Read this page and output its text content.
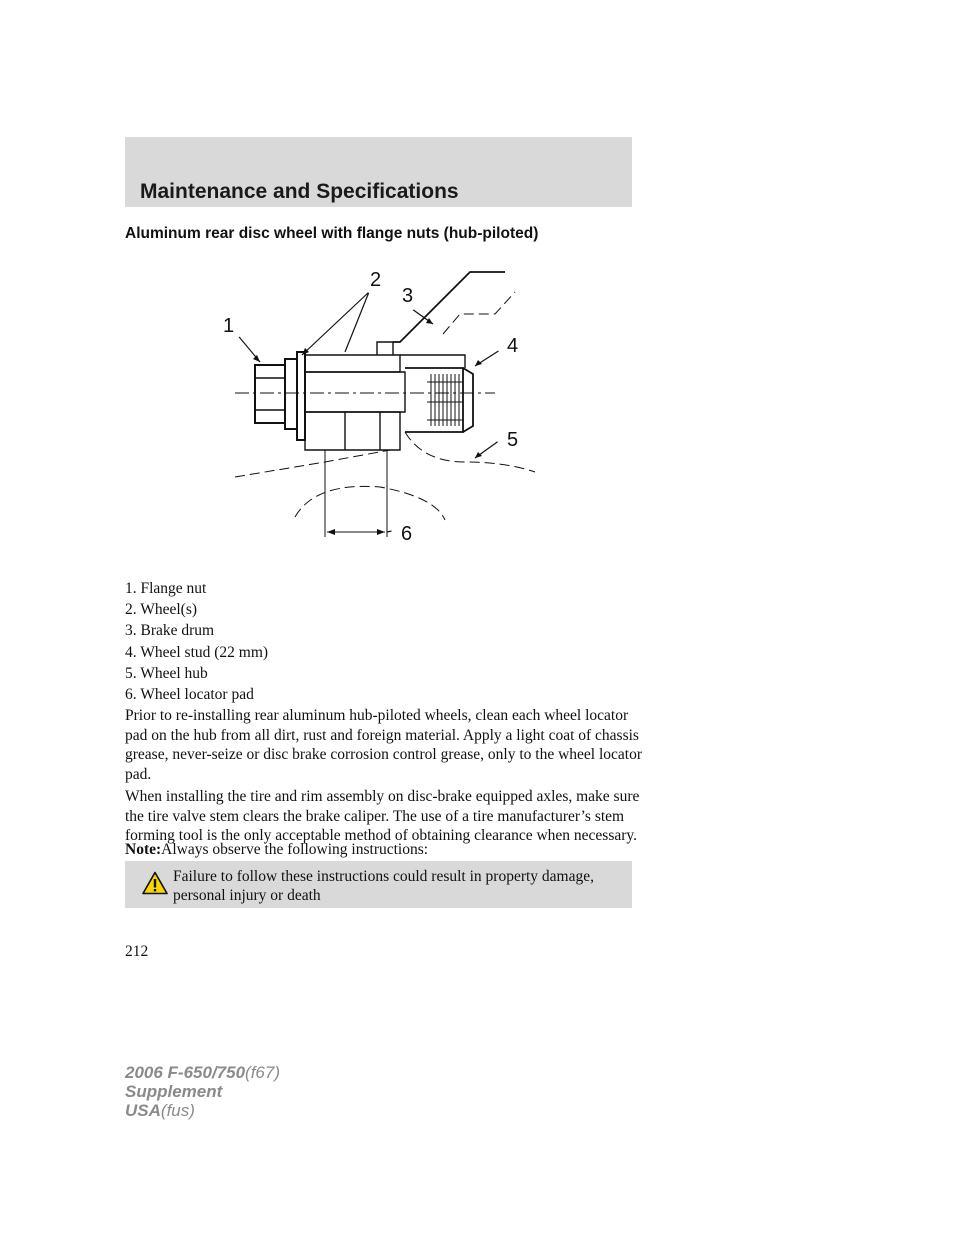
Maintenance and Specifications
Aluminum rear disc wheel with flange nuts (hub-piloted)
1
2
3
4
5
6
1. Flange nut
2. Wheel(s)
3. Brake drum
4. Wheel stud (22 mm)
5. Wheel hub
6. Wheel locator pad

Prior to re-installing rear aluminum hub-piloted wheels, clean each wheel locator pad on the hub from all dirt, rust and foreign material. Apply a light coat of chassis grease, never-seize or disc brake corrosion control grease, only to the wheel locator pad.

When installing the tire and rim assembly on disc-brake equipped axles, make sure the tire valve stem clears the brake caliper. The use of a tire manufacturer’s stem forming tool is the only acceptable method of obtaining clearance when necessary.

Note:Always observe the following instructions:

Failure to follow these instructions could result in property damage, personal injury or death

212

2006 F-650/750(f67)
Supplement
USA(fus)
